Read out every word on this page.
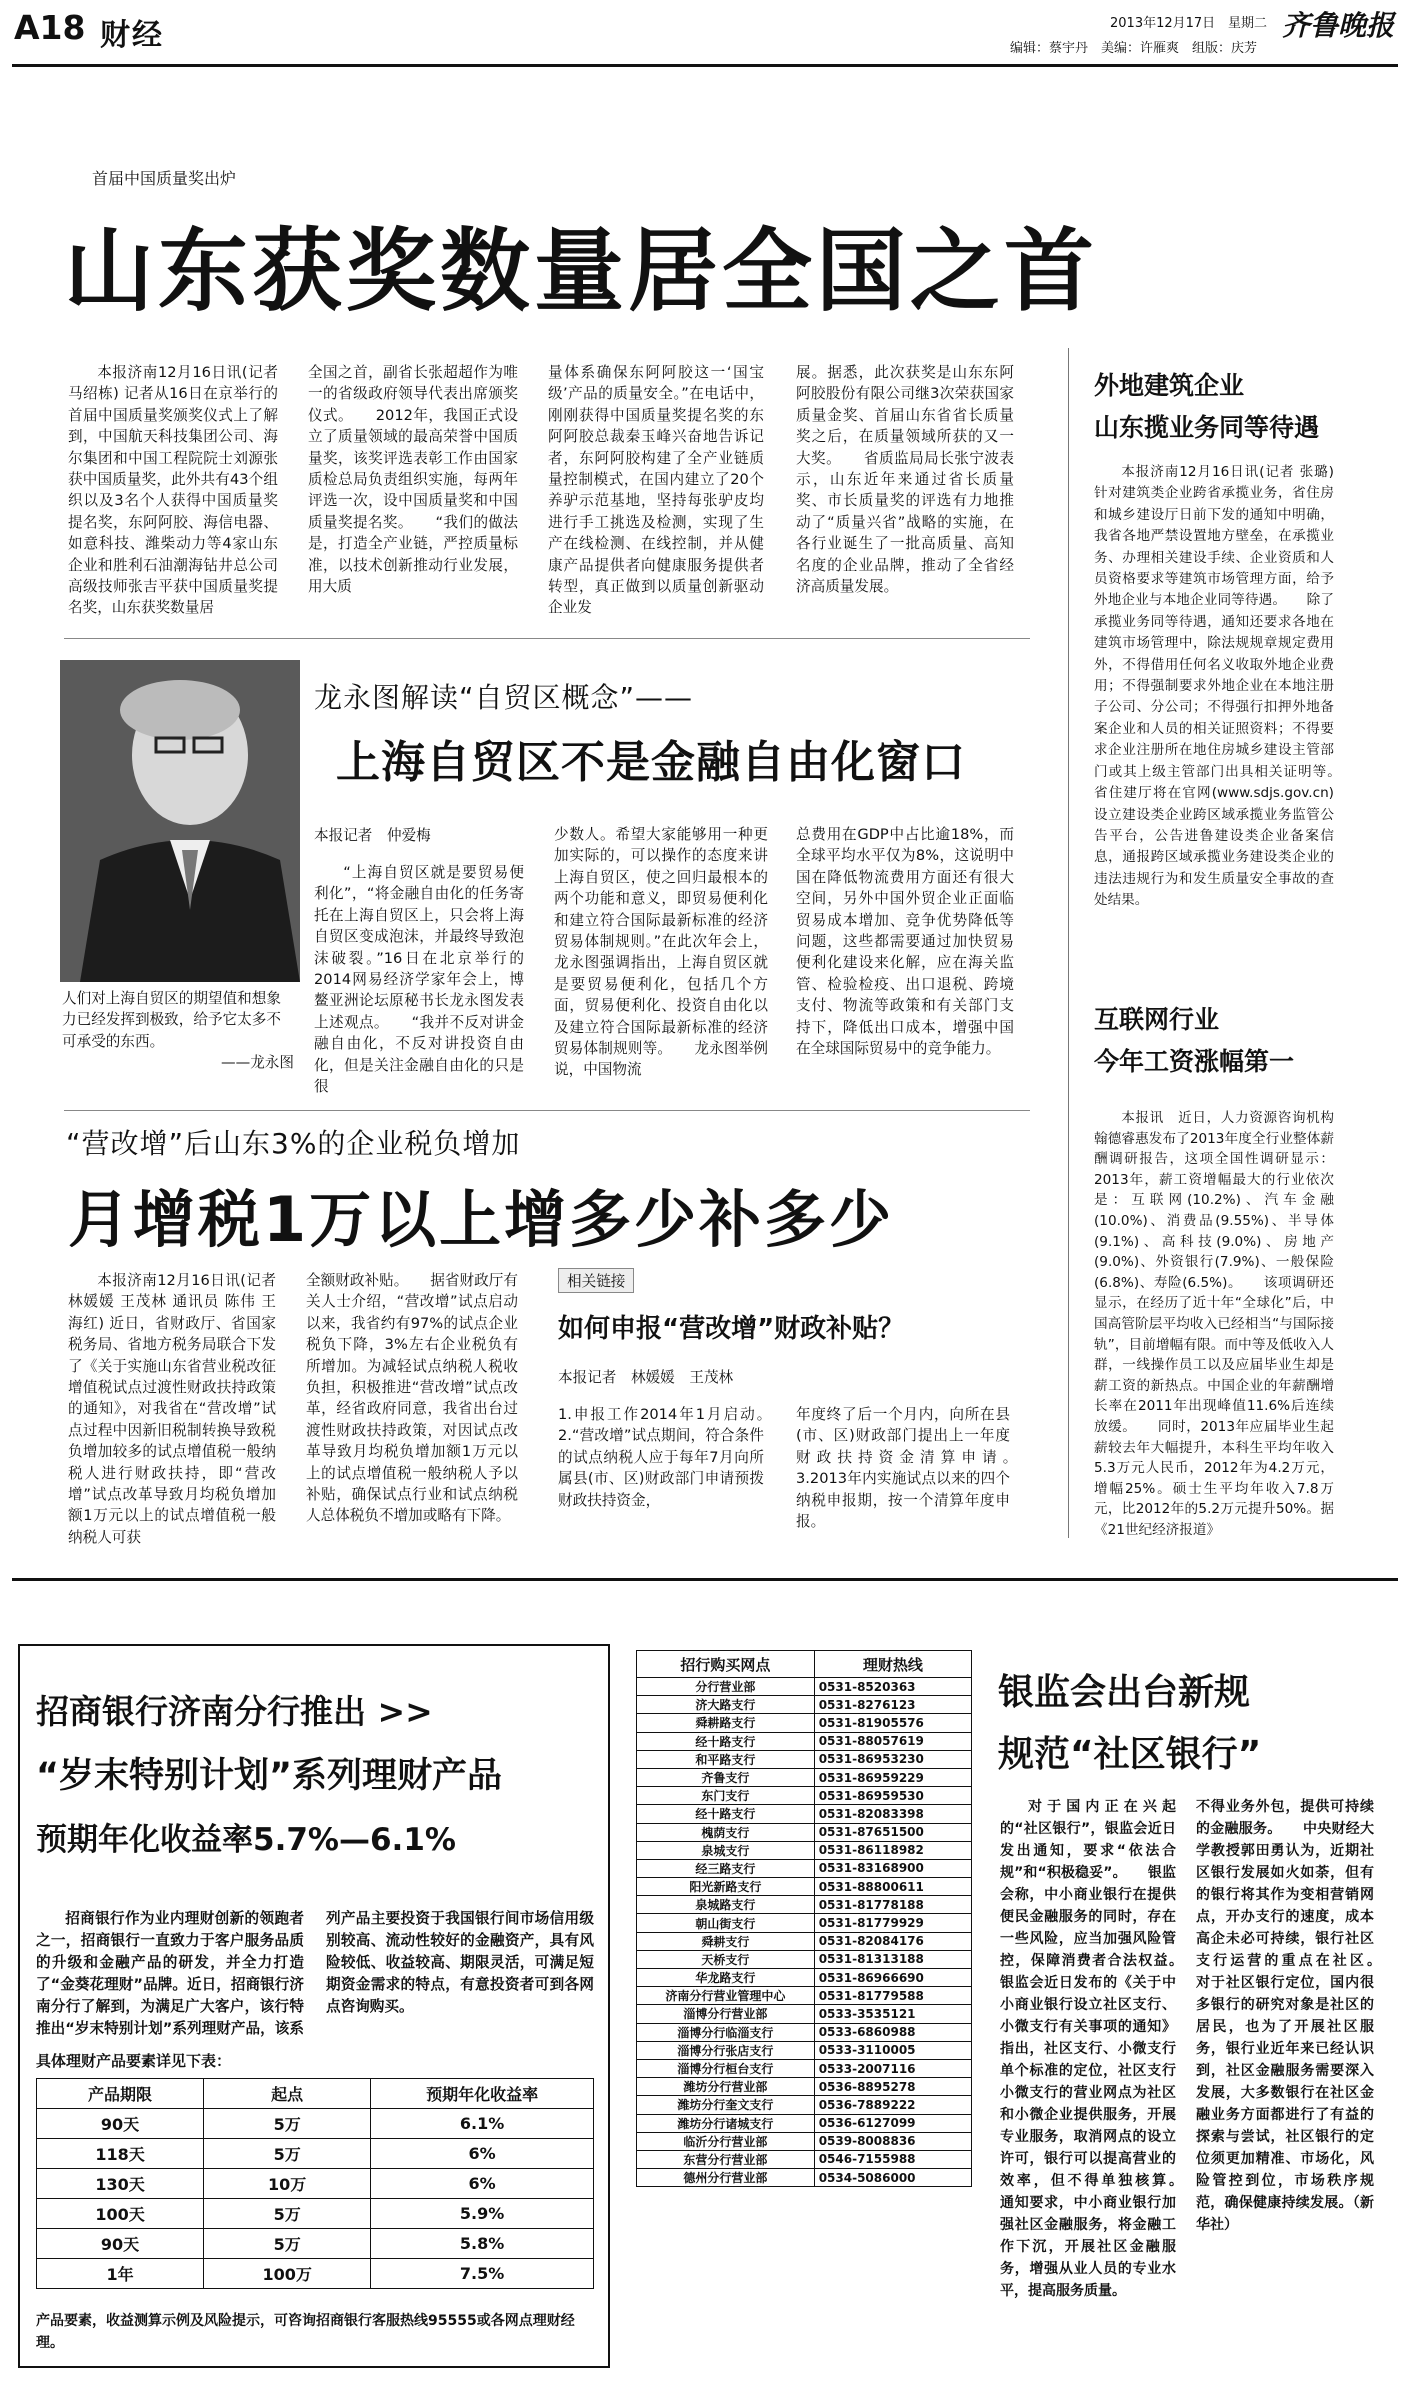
A18 财经	2013年12月17日 星期二 齐鲁晚报
编辑：蔡宇丹　美编：许雁爽　组版：庆芳
首届中国质量奖出炉
山东获奖数量居全国之首

本报济南12月16日讯(记者马绍栋) 记者从16日在京举行的首届中国质量奖颁奖仪式上了解到，中国航天科技集团公司、海尔集团和中国工程院院士刘源张获中国质量奖，此外共有43个组织以及3名个人获得中国质量奖提名奖，东阿阿胶、海信电器、如意科技、潍柴动力等4家山东企业和胜利石油潮海钻井总公司高级技师张吉平获中国质量奖提名奖，山东获奖数量居

全国之首，副省长张超超作为唯一的省级政府领导代表出席颁奖仪式。　　2012年，我国正式设立了质量领域的最高荣誉中国质量奖，该奖评选表彰工作由国家质检总局负责组织实施，每两年评选一次，设中国质量奖和中国质量奖提名奖。　　“我们的做法是，打造全产业链，严控质量标准，以技术创新推动行业发展，用大质

量体系确保东阿阿胶这一‘国宝级’产品的质量安全。”在电话中，刚刚获得中国质量奖提名奖的东阿阿胶总裁秦玉峰兴奋地告诉记者，东阿阿胶构建了全产业链质量控制模式，在国内建立了20个养驴示范基地，坚持每张驴皮均进行手工挑选及检测，实现了生产在线检测、在线控制，并从健康产品提供者向健康服务提供者转型，真正做到以质量创新驱动企业发

展。据悉，此次获奖是山东东阿阿胶股份有限公司继3次荣获国家质量金奖、首届山东省省长质量奖之后，在质量领域所获的又一大奖。　　省质监局局长张宁波表示，山东近年来通过省长质量奖、市长质量奖的评选有力地推动了“质量兴省”战略的实施，在各行业诞生了一批高质量、高知名度的企业品牌，推动了全省经济高质量发展。

人们对上海自贸区的期望值和想象力已经发挥到极致，给予它太多不可承受的东西。
——龙永图
龙永图解读“自贸区概念”——
上海自贸区不是金融自由化窗口
本报记者　仲爱梅

“上海自贸区就是要贸易便利化”，“将金融自由化的任务寄托在上海自贸区上，只会将上海自贸区变成泡沫，并最终导致泡沫破裂。”16日在北京举行的2014网易经济学家年会上，博鳌亚洲论坛原秘书长龙永图发表上述观点。　　“我并不反对讲金融自由化，不反对讲投资自由化，但是关注金融自由化的只是很

少数人。希望大家能够用一种更加实际的，可以操作的态度来讲上海自贸区，使之回归最根本的两个功能和意义，即贸易便利化和建立符合国际最新标准的经济贸易体制规则。”在此次年会上，龙永图强调指出，上海自贸区就是要贸易便利化，包括几个方面，贸易便利化、投资自由化以及建立符合国际最新标准的经济贸易体制规则等。　　龙永图举例说，中国物流

总费用在GDP中占比逾18%，而全球平均水平仅为8%，这说明中国在降低物流费用方面还有很大空间，另外中国外贸企业正面临贸易成本增加、竞争优势降低等问题，这些都需要通过加快贸易便利化建设来化解，应在海关监管、检验检疫、出口退税、跨境支付、物流等政策和有关部门支持下，降低出口成本，增强中国在全球国际贸易中的竞争能力。

“营改增”后山东3%的企业税负增加
月增税1万以上增多少补多少

本报济南12月16日讯(记者 林媛媛 王茂林 通讯员 陈伟 王海红) 近日，省财政厅、省国家税务局、省地方税务局联合下发了《关于实施山东省营业税改征增值税试点过渡性财政扶持政策的通知》，对我省在“营改增”试点过程中因新旧税制转换导致税负增加较多的试点增值税一般纳税人进行财政扶持，即“营改增”试点改革导致月均税负增加额1万元以上的试点增值税一般纳税人可获

全额财政补贴。　　据省财政厅有关人士介绍，“营改增”试点启动以来，我省约有97%的试点企业税负下降，3%左右企业税负有所增加。为减轻试点纳税人税收负担，积极推进“营改增”试点改革，经省政府同意，我省出台过渡性财政扶持政策，对因试点改革导致月均税负增加额1万元以上的试点增值税一般纳税人予以补贴，确保试点行业和试点纳税人总体税负不增加或略有下降。

相关链接
如何申报“营改增”财政补贴？
本报记者　林媛媛　王茂林

1.申报工作2014年1月启动。　　2.“营改增”试点期间，符合条件的试点纳税人应于每年7月向所属县(市、区)财政部门申请预拨财政扶持资金，

年度终了后一个月内，向所在县(市、区)财政部门提出上一年度财政扶持资金清算申请。　　3.2013年内实施试点以来的四个纳税申报期，按一个清算年度申报。

外地建筑企业
山东揽业务同等待遇

本报济南12月16日讯(记者 张璐) 针对建筑类企业跨省承揽业务，省住房和城乡建设厅日前下发的通知中明确，我省各地严禁设置地方壁垒，在承揽业务、办理相关建设手续、企业资质和人员资格要求等建筑市场管理方面，给予外地企业与本地企业同等待遇。　　除了承揽业务同等待遇，通知还要求各地在建筑市场管理中，除法规规章规定费用外，不得借用任何名义收取外地企业费用；不得强制要求外地企业在本地注册子公司、分公司；不得强行扣押外地备案企业和人员的相关证照资料；不得要求企业注册所在地住房城乡建设主管部门或其上级主管部门出具相关证明等。　　省住建厅将在官网(www.sdjs.gov.cn)设立建设类企业跨区域承揽业务监管公告平台，公告进鲁建设类企业备案信息，通报跨区域承揽业务建设类企业的违法违规行为和发生质量安全事故的查处结果。

互联网行业
今年工资涨幅第一

本报讯　近日，人力资源咨询机构翰德睿惠发布了2013年度全行业整体薪酬调研报告，这项全国性调研显示：2013年，薪工资增幅最大的行业依次是：互联网(10.2%)、汽车金融(10.0%)、消费品(9.55%)、半导体(9.1%)、高科技(9.0%)、房地产(9.0%)、外资银行(7.9%)、一般保险(6.8%)、寿险(6.5%)。　　该项调研还显示，在经历了近十年“全球化”后，中国高管阶层平均收入已经相当“与国际接轨”，目前增幅有限。而中等及低收入人群，一线操作员工以及应届毕业生却是薪工资的新热点。中国企业的年薪酬增长率在2011年出现峰值11.6%后连续放缓。　　同时，2013年应届毕业生起薪较去年大幅提升，本科生平均年收入5.3万元人民币，2012年为4.2万元，增幅25%。硕士生平均年收入7.8万元，比2012年的5.2万元提升50%。据《21世纪经济报道》

招商银行济南分行推出 >>
“岁末特别计划”系列理财产品
预期年化收益率5.7%—6.1%

招商银行作为业内理财创新的领跑者之一，招商银行一直致力于客户服务品质的升级和金融产品的研发，并全力打造了“金葵花理财”品牌。近日，招商银行济南分行了解到，为满足广大客户，该行特推出“岁末特别计划”系列理财产品，该系列产品主要投资于我国银行间市场信用级别较高、流动性较好的金融资产，具有风险较低、收益较高、期限灵活，可满足短期资金需求的特点，有意投资者可到各网点咨询购买。

具体理财产品要素详见下表：
产品期限	起点	预期年化收益率
90天	5万	6.1%
118天	5万	6%
130天	10万	6%
100天	5万	5.9%
90天	5万	5.8%
1年	100万	7.5%
产品要素，收益测算示例及风险提示，可咨询招商银行客服热线95555或各网点理财经理。
招行购买网点	理财热线
分行营业部	0531-8520363
济大路支行	0531-8276123
舜耕路支行	0531-81905576
经十路支行	0531-88057619
和平路支行	0531-86953230
齐鲁支行	0531-86959229
东门支行	0531-86959530
经十路支行	0531-82083398
槐荫支行	0531-87651500
泉城支行	0531-86118982
经三路支行	0531-83168900
阳光新路支行	0531-88800611
泉城路支行	0531-81778188
朝山街支行	0531-81779929
舜耕支行	0531-82084176
天桥支行	0531-81313188
华龙路支行	0531-86966690
济南分行营业管理中心	0531-81779588
淄博分行营业部	0533-3535121
淄博分行临淄支行	0533-6860988
淄博分行张店支行	0533-3110005
淄博分行桓台支行	0533-2007116
潍坊分行营业部	0536-8895278
潍坊分行奎文支行	0536-7889222
潍坊分行诸城支行	0536-6127099
临沂分行营业部	0539-8008836
东营分行营业部	0546-7155988
德州分行营业部	0534-5086000
银监会出台新规
规范“社区银行”

对于国内正在兴起的“社区银行”，银监会近日发出通知，要求“依法合规”和“积极稳妥”。　　银监会称，中小商业银行在提供便民金融服务的同时，存在一些风险，应当加强风险管控，保障消费者合法权益。　　银监会近日发布的《关于中小商业银行设立社区支行、小微支行有关事项的通知》指出，社区支行、小微支行单个标准的定位，社区支行小微支行的营业网点为社区和小微企业提供服务，开展专业服务，取消网点的设立许可，银行可以提高营业的效率，但不得单独核算。　　通知要求，中小商业银行加强社区金融服务，将金融工作下沉，开展社区金融服务，增强从业人员的专业水平，提高服务质量。

不得业务外包，提供可持续的金融服务。　　中央财经大学教授郭田勇认为，近期社区银行发展如火如荼，但有的银行将其作为变相营销网点，开办支行的速度，成本高企未必可持续，银行社区支行运营的重点在社区。　　对于社区银行定位，国内很多银行的研究对象是社区的居民，也为了开展社区服务，银行业近年来已经认识到，社区金融服务需要深入发展，大多数银行在社区金融业务方面都进行了有益的探索与尝试，社区银行的定位须更加精准、市场化，风险管控到位，市场秩序规范，确保健康持续发展。（新华社）
